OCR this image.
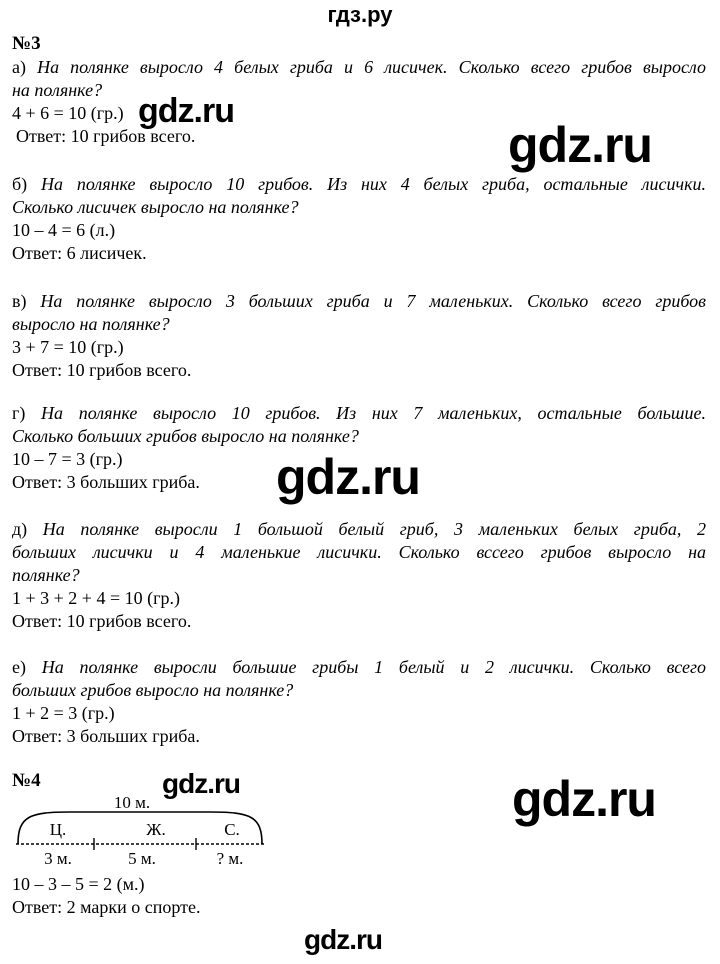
гдз.ру
№3
а) На полянке выросло 4 белых гриба и 6 лисичек. Сколько всего грибов выросло
на полянке?
4 + 6 = 10 (гр.)
Ответ: 10 грибов всего.
б) На полянке выросло 10 грибов. Из них 4 белых гриба, остальные лисички.
Сколько лисичек выросло на полянке?
10 – 4 = 6 (л.)
Ответ: 6 лисичек.
в) На полянке выросло 3 больших гриба и 7 маленьких. Сколько всего грибов
выросло на полянке?
3 + 7 = 10 (гр.)
Ответ: 10 грибов всего.
г) На полянке выросло 10 грибов. Из них 7 маленьких, остальные большие.
Сколько больших грибов выросло на полянке?
10 – 7 = 3 (гр.)
Ответ: 3 больших гриба.
д) На полянке выросли 1 большой белый гриб, 3 маленьких белых гриба, 2
больших лисички и 4 маленькие лисички. Сколько вссего грибов выросло на
полянке?
1 + 3 + 2 + 4 = 10 (гр.)
Ответ: 10 грибов всего.
е) На полянке выросли большие грибы 1 белый и 2 лисички. Сколько всего
больших грибов выросло на полянке?
1 + 2 = 3 (гр.)
Ответ: 3 больших гриба.
№4
10 м.
Ц.	Ж.	С.
3 м.	5 м.	? м.
10 – 3 – 5 = 2 (м.)
Ответ: 2 марки о спорте.
gdz.ru
gdz.ru
gdz.ru
gdz.ru	gdz.ru
gdz.ru
